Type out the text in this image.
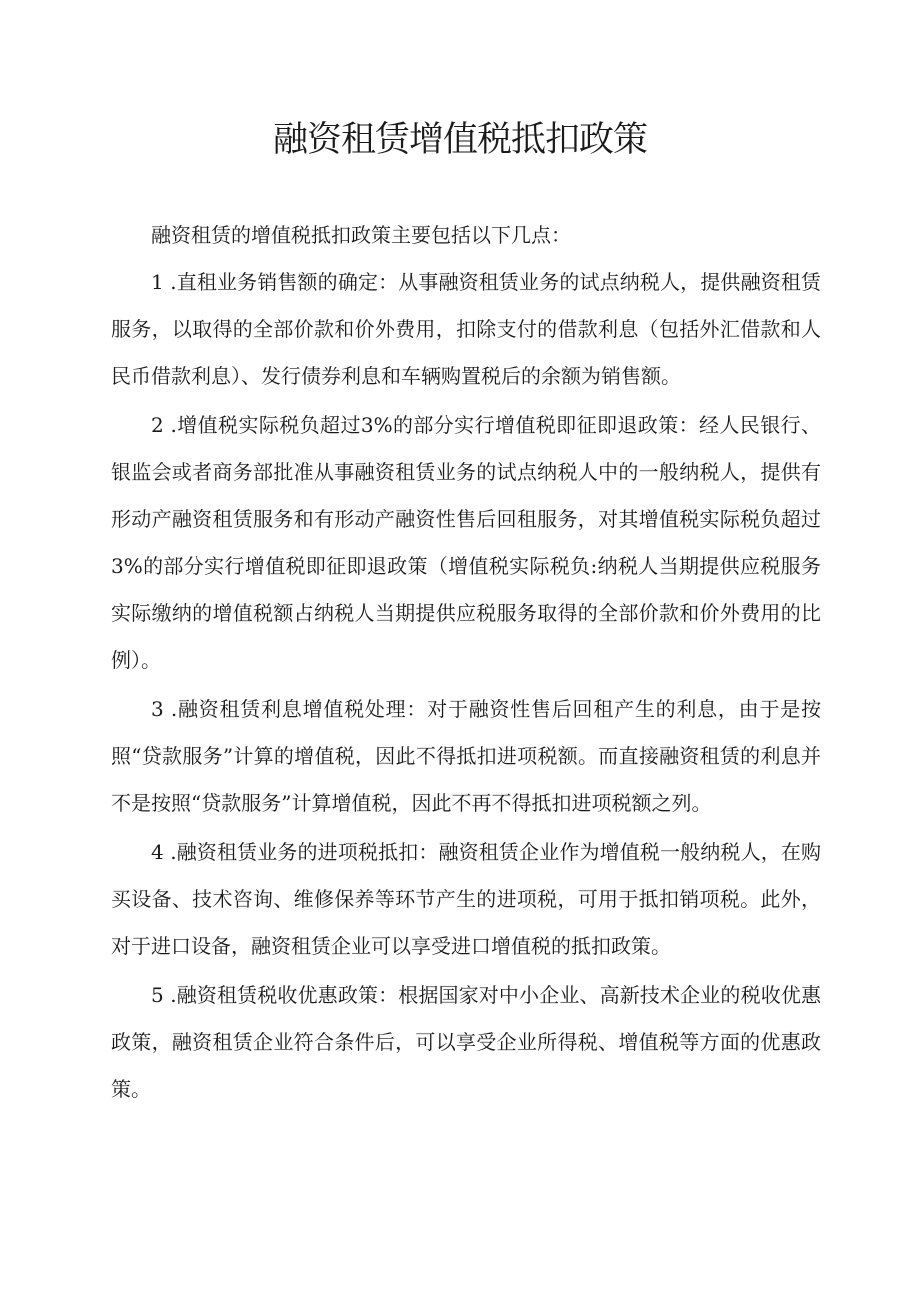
融资租赁增值税抵扣政策

融资租赁的增值税抵扣政策主要包括以下几点：

1 .直租业务销售额的确定：从事融资租赁业务的试点纳税人，提供融资租赁服务，以取得的全部价款和价外费用，扣除支付的借款利息（包括外汇借款和人民币借款利息）、发行债券利息和车辆购置税后的余额为销售额。

2 .增值税实际税负超过3%的部分实行增值税即征即退政策：经人民银行、银监会或者商务部批准从事融资租赁业务的试点纳税人中的一般纳税人，提供有形动产融资租赁服务和有形动产融资性售后回租服务，对其增值税实际税负超过3%的部分实行增值税即征即退政策（增值税实际税负:纳税人当期提供应税服务实际缴纳的增值税额占纳税人当期提供应税服务取得的全部价款和价外费用的比例）。

3 .融资租赁利息增值税处理：对于融资性售后回租产生的利息，由于是按照“贷款服务”计算的增值税，因此不得抵扣进项税额。而直接融资租赁的利息并不是按照“贷款服务”计算增值税，因此不再不得抵扣进项税额之列。

4 .融资租赁业务的进项税抵扣：融资租赁企业作为增值税一般纳税人，在购买设备、技术咨询、维修保养等环节产生的进项税，可用于抵扣销项税。此外，对于进口设备，融资租赁企业可以享受进口增值税的抵扣政策。

5 .融资租赁税收优惠政策：根据国家对中小企业、高新技术企业的税收优惠政策，融资租赁企业符合条件后，可以享受企业所得税、增值税等方面的优惠政策。
